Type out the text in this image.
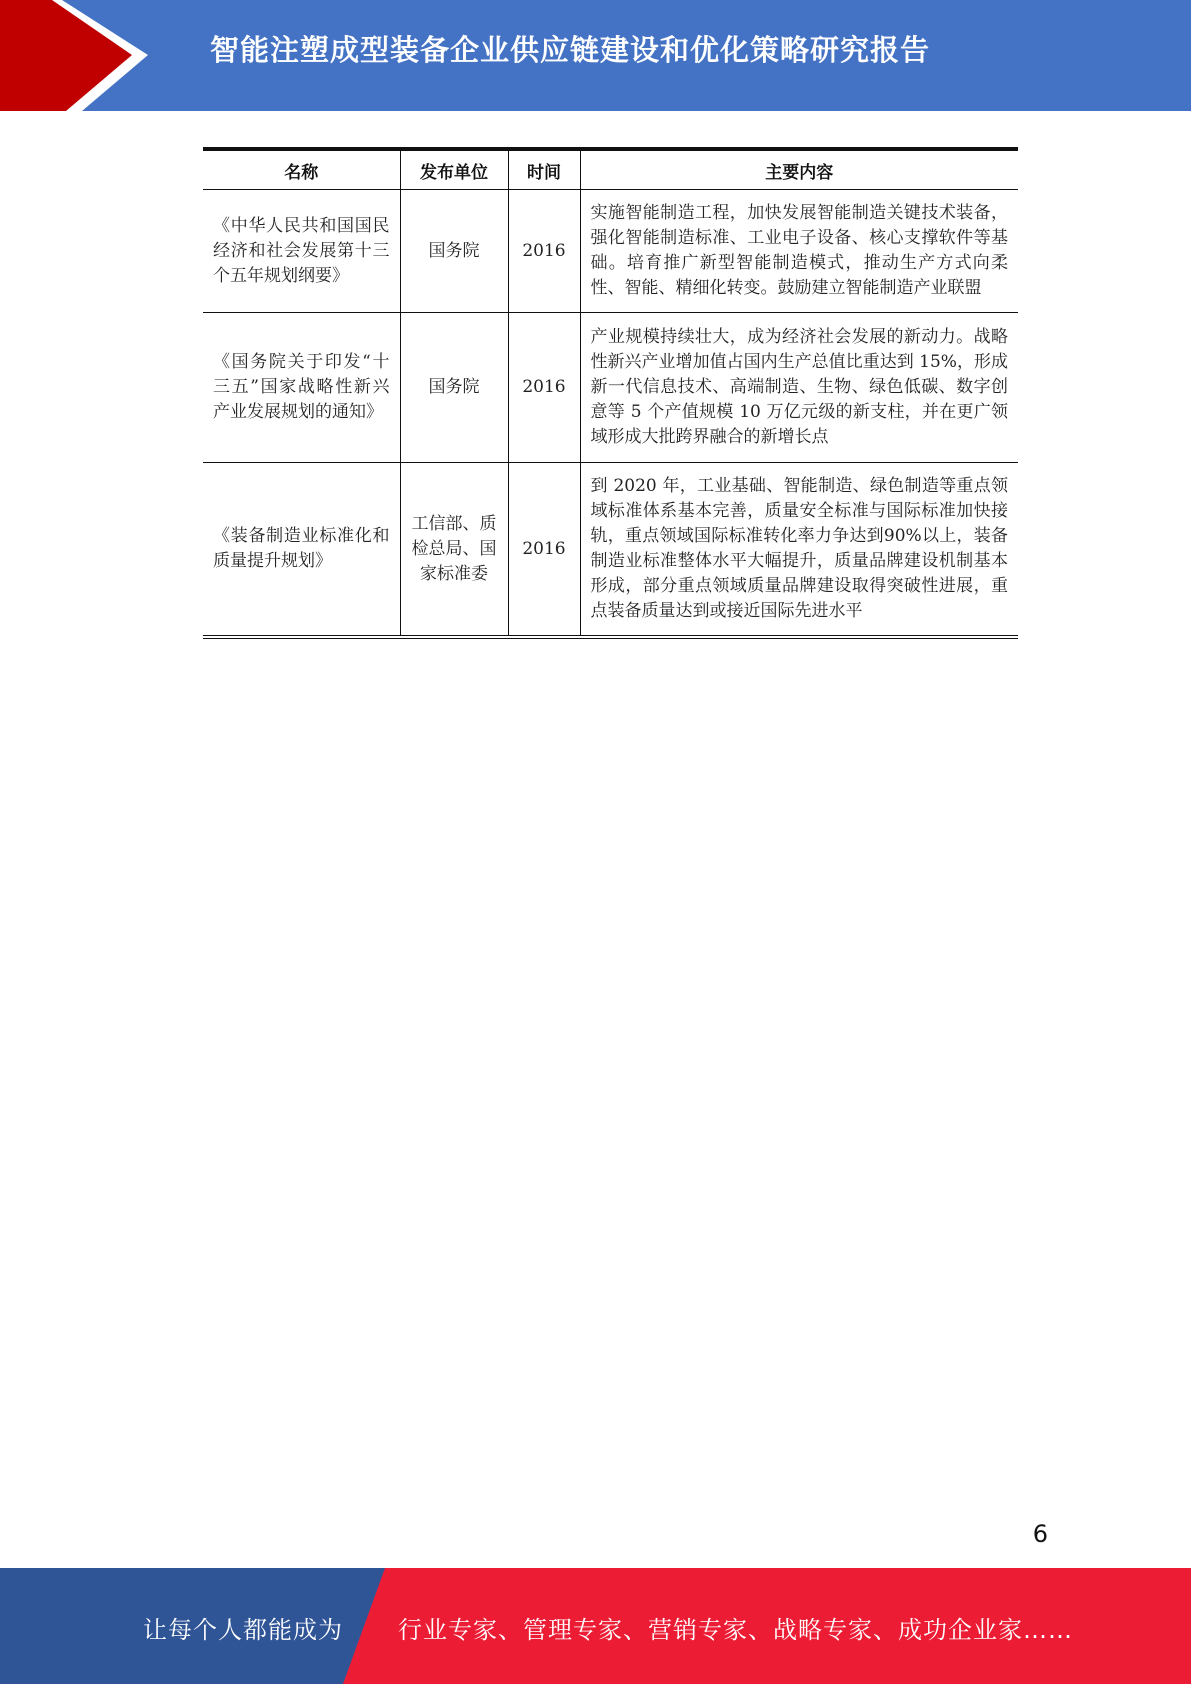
智能注塑成型装备企业供应链建设和优化策略研究报告
名称	发布单位	时间	主要内容
《中华人民共和国国民经济和社会发展第十三个五年规划纲要》	国务院	2016	实施智能制造工程，加快发展智能制造关键技术装备，强化智能制造标准、工业电子设备、核心支撑软件等基础。培育推广新型智能制造模式，推动生产方式向柔性、智能、精细化转变。鼓励建立智能制造产业联盟
《国务院关于印发“十三五”国家战略性新兴产业发展规划的通知》	国务院	2016	产业规模持续壮大，成为经济社会发展的新动力。战略性新兴产业增加值占国内生产总值比重达到 15%，形成新一代信息技术、高端制造、生物、绿色低碳、数字创意等 5 个产值规模 10 万亿元级的新支柱，并在更广领域形成大批跨界融合的新增长点
《装备制造业标准化和质量提升规划》	工信部、质检总局、国家标准委	2016	到 2020 年，工业基础、智能制造、绿色制造等重点领域标准体系基本完善，质量安全标准与国际标准加快接轨，重点领域国际标准转化率力争达到90%以上，装备制造业标准整体水平大幅提升，质量品牌建设机制基本形成，部分重点领域质量品牌建设取得突破性进展，重点装备质量达到或接近国际先进水平
6
让每个人都能成为 行业专家、管理专家、营销专家、战略专家、成功企业家……
